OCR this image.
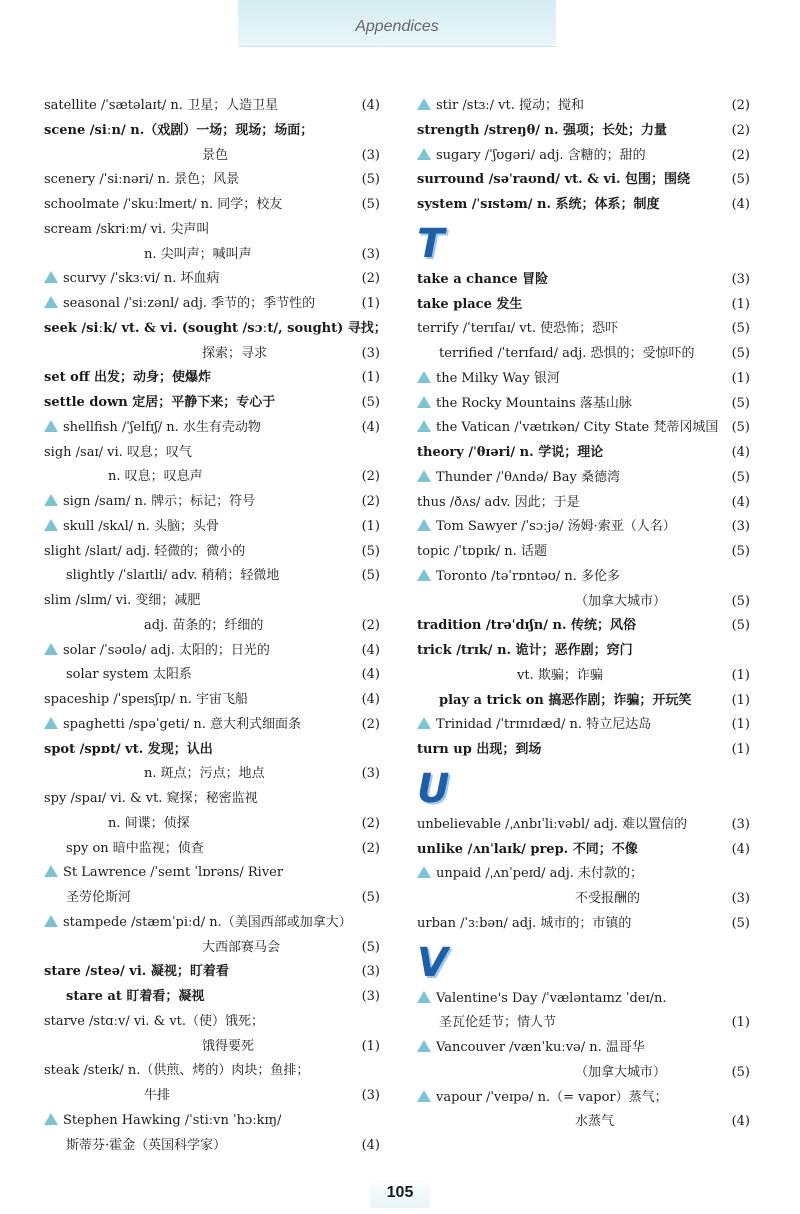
Appendices
satellite /ˈsætəlaɪt/ n. 卫星；人造卫星	(4)
scene /siːn/ n.（戏剧）一场；现场；场面；
景色	(3)
scenery /ˈsiːnəri/ n. 景色；风景	(5)
schoolmate /ˈskuːlmeɪt/ n. 同学；校友	(5)
scream /skriːm/ vi. 尖声叫
n. 尖叫声；喊叫声	(3)
scurvy /ˈskɜːvi/ n. 坏血病	(2)
seasonal /ˈsiːzənl/ adj. 季节的；季节性的	(1)
seek /siːk/ vt. & vi. (sought /sɔːt/, sought) 寻找；
探索；寻求	(3)
set off 出发；动身；使爆炸	(1)
settle down 定居；平静下来；专心于	(5)
shellfish /ˈʃelfɪʃ/ n. 水生有壳动物	(4)
sigh /saɪ/ vi. 叹息；叹气
n. 叹息；叹息声	(2)
sign /saɪn/ n. 牌示；标记；符号	(2)
skull /skʌl/ n. 头脑；头骨	(1)
slight /slaɪt/ adj. 轻微的；微小的	(5)
slightly /ˈslaɪtli/ adv. 稍稍；轻微地	(5)
slim /slɪm/ vi. 变细；减肥
adj. 苗条的；纤细的	(2)
solar /ˈsəʊlə/ adj. 太阳的；日光的	(4)
solar system 太阳系	(4)
spaceship /ˈspeɪsʃɪp/ n. 宇宙飞船	(4)
spaghetti /spəˈgeti/ n. 意大利式细面条	(2)
spot /spɒt/ vt. 发现；认出
n. 斑点；污点；地点	(3)
spy /spaɪ/ vi. & vt. 窥探；秘密监视
n. 间谍；侦探	(2)
spy on 暗中监视；侦查	(2)
St Lawrence /ˈseɪnt ˈlɒrəns/ River
圣劳伦斯河	(5)
stampede /stæmˈpiːd/ n.（美国西部或加拿大）
大西部赛马会	(5)
stare /steə/ vi. 凝视；盯着看	(3)
stare at 盯着看；凝视	(3)
starve /stɑːv/ vi. & vt.（使）饿死；
饿得要死	(1)
steak /steɪk/ n.（供煎、烤的）肉块；鱼排；
牛排	(3)
Stephen Hawking /ˈstiːvn ˈhɔːkɪŋ/
斯蒂芬·霍金（英国科学家）	(4)
stir /stɜː/ vt. 搅动；搅和	(2)
strength /streŋθ/ n. 强项；长处；力量	(2)
sugary /ˈʃʊgəri/ adj. 含糖的；甜的	(2)
surround /səˈraʊnd/ vt. & vi. 包围；围绕	(5)
system /ˈsɪstəm/ n. 系统；体系；制度	(4)
T
take a chance 冒险	(3)
take place 发生	(1)
terrify /ˈterɪfaɪ/ vt. 使恐怖；恐吓	(5)
terrified /ˈterɪfaɪd/ adj. 恐惧的；受惊吓的	(5)
the Milky Way 银河	(1)
the Rocky Mountains 落基山脉	(5)
the Vatican /ˈvætɪkən/ City State 梵蒂冈城国 (5)
theory /ˈθɪəri/ n. 学说；理论	(4)
Thunder /ˈθʌndə/ Bay 桑德湾	(5)
thus /ðʌs/ adv. 因此；于是	(4)
Tom Sawyer /ˈsɔːjə/ 汤姆·索亚（人名）	(3)
topic /ˈtɒpɪk/ n. 话题	(5)
Toronto /təˈrɒntəʊ/ n. 多伦多
（加拿大城市）	(5)
tradition /trəˈdɪʃn/ n. 传统；风俗	(5)
trick /trɪk/ n. 诡计；恶作剧；窍门
vt. 欺骗；诈骗	(1)
play a trick on 搞恶作剧；诈骗；开玩笑	(1)
Trinidad /ˈtrɪnɪdæd/ n. 特立尼达岛	(1)
turn up 出现；到场	(1)
U
unbelievable /ˌʌnbɪˈliːvəbl/ adj. 难以置信的	(3)
unlike /ʌnˈlaɪk/ prep. 不同；不像	(4)
unpaid /ˌʌnˈpeɪd/ adj. 未付款的；
不受报酬的	(3)
urban /ˈɜːbən/ adj. 城市的；市镇的	(5)
V
Valentine's Day /ˈvæləntaɪnz ˈdeɪ/n.
圣瓦伦廷节；情人节	(1)
Vancouver /vænˈkuːvə/ n. 温哥华
（加拿大城市）	(5)
vapour /ˈveɪpə/ n.（= vapor）蒸气；
水蒸气	(4)
105
